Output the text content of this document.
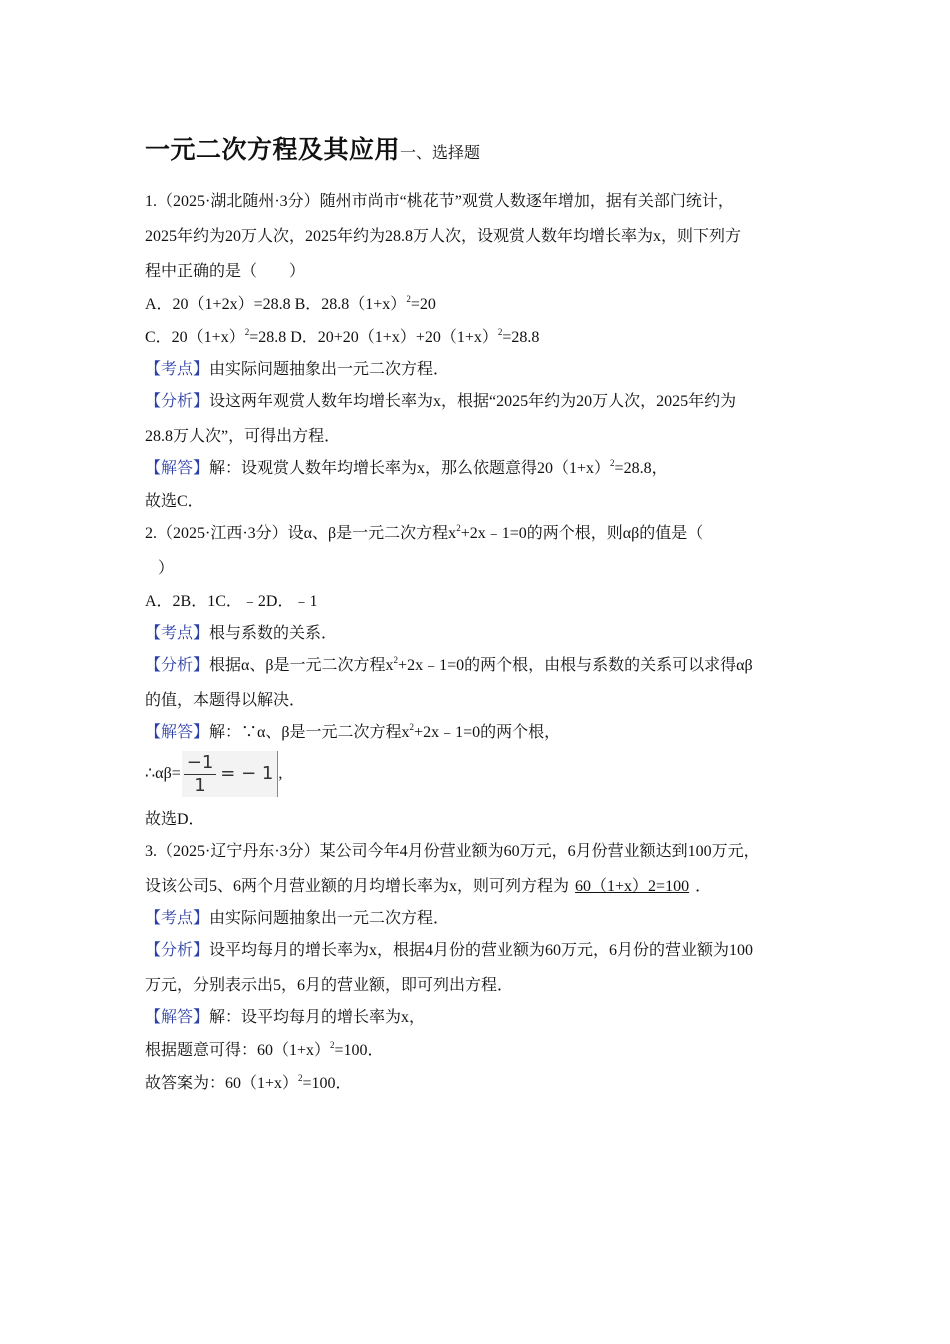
一元二次方程及其应用一、选择题
1.（2025·湖北随州·3分）随州市尚市“桃花节”观赏人数逐年增加，据有关部门统计，
2025年约为20万人次，2025年约为28.8万人次，设观赏人数年均增长率为x，则下列方
程中正确的是（　　）
A．20（1+2x）=28.8 B．$28.8(1+x)^2=20$
C．$20(1+x)^2=28.8$ D．$20+20(1+x)+20(1+x)^2=28.8$
【考点】由实际问题抽象出一元二次方程．
【分析】设这两年观赏人数年均增长率为x，根据“2025年约为20万人次，2025年约为
28.8万人次”，可得出方程．
【解答】解：设观赏人数年均增长率为x，那么依题意得$20(1+x)^2=28.8$，
故选C．
2.（2025·江西·3分）设α、β是一元二次方程$x^2+2x﹣1=0$的两个根，则αβ的值是（
）
A．2B．1C．﹣2D．﹣1
【考点】根与系数的关系．
【分析】根据α、β是一元二次方程$x^2+2x﹣1=0$的两个根，由根与系数的关系可以求得αβ
的值，本题得以解决．
【解答】解：∵α、β是一元二次方程$x^2+2x﹣1=0$的两个根，
∴αβ= $\frac{-1}{1}$ = − 1 ,
故选D．
3.（2025·辽宁丹东·3分）某公司今年4月份营业额为60万元，6月份营业额达到100万元，
设该公司5、6两个月营业额的月均增长率为x，则可列方程为 60（1+x）2=100 ．
【考点】由实际问题抽象出一元二次方程．
【分析】设平均每月的增长率为x，根据4月份的营业额为60万元，6月份的营业额为100
万元，分别表示出5，6月的营业额，即可列出方程．
【解答】解：设平均每月的增长率为x，
根据题意可得：$60(1+x)^2=100$．
故答案为：$60(1+x)^2=100$．
